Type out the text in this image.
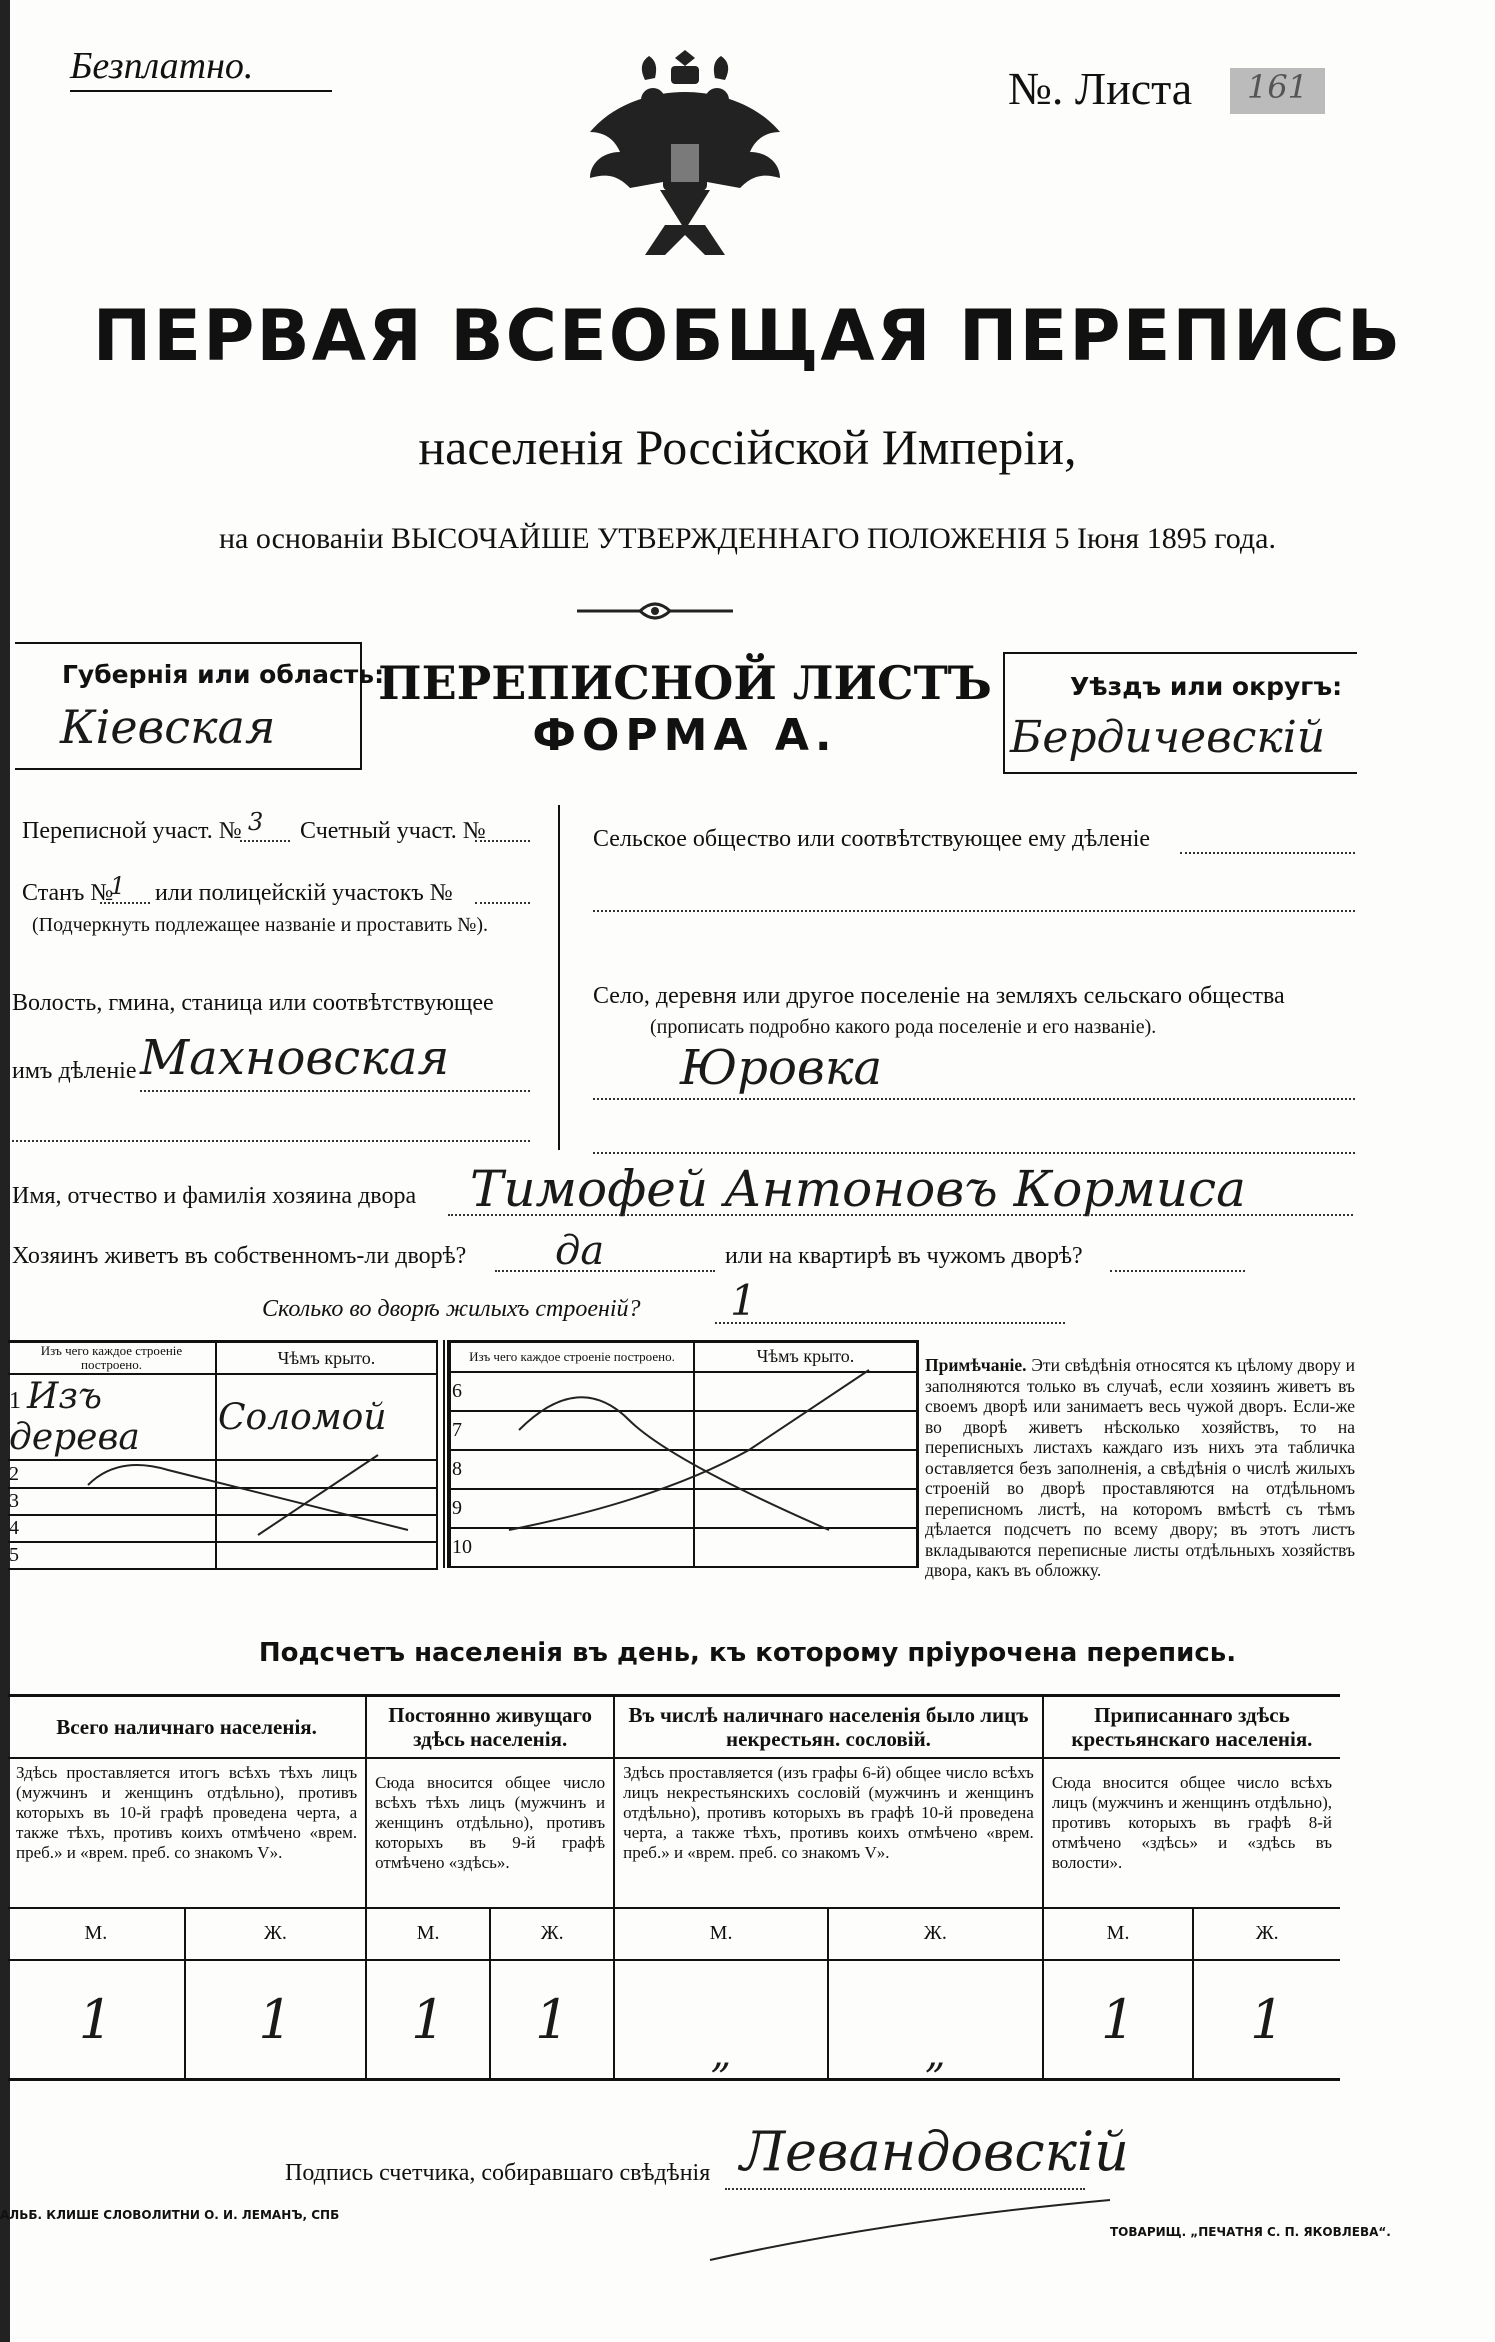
Безплатно.	№. Листа	161
ПЕРВАЯ ВСЕОБЩАЯ ПЕРЕПИСЬ
населенія Россійской Имперіи,
на основаніи ВЫСОЧАЙШЕ УТВЕРЖДЕННАГО ПОЛОЖЕНІЯ 5 Іюня 1895 года.
Губернія или область:
Кіевская
ПЕРЕПИСНОЙ ЛИСТЪ
ФОРМА А.
Уѣздъ или округъ:
Бердичевскій
Переписной участ. № 3 Счетный участ. №
Станъ №
1 или полицейскій участокъ №
(Подчеркнуть подлежащее названіе и проставить №).
Волость, гмина, станица или соотвѣтствующее
имъ дѣленіе Махновская
Сельское общество или соотвѣтствующее ему дѣленіе
Село, деревня или другое поселеніе на земляхъ сельскаго общества
(прописать подробно какого рода поселеніе и его названіе).
Юровка
Имя, отчество и фамилія хозяина двора Тимофей Антоновъ Кормиса
Хозяинъ живетъ въ собственномъ-ли дворѣ? да	или на квартирѣ въ чужомъ дворѣ?
Сколько во дворѣ жилыхъ строеній? 1
Изъ чего каждое строеніе построено.	Чѣмъ крыто.
1 Изъ дерева	Соломой
2	
3	
4	
5	
Изъ чего каждое строеніе построено.	Чѣмъ крыто.
6	
7	
8	
9	
10	
Примѣчаніе. Эти свѣдѣнія относятся къ цѣлому двору и заполняются только въ случаѣ, если хозяинъ живетъ въ своемъ дворѣ или занимаетъ весь чужой дворъ. Если-же во дворѣ живетъ нѣсколько хозяйствъ, то на переписныхъ листахъ каждаго изъ нихъ эта табличка оставляется безъ заполненія, а свѣдѣнія о числѣ жилыхъ строеній во дворѣ проставляются на отдѣльномъ переписномъ листѣ, на которомъ вмѣстѣ съ тѣмъ дѣлается подсчетъ по всему двору; въ этотъ листъ вкладываются переписные листы отдѣльныхъ хозяйствъ двора, какъ въ обложку.
Подсчетъ населенія въ день, къ которому пріурочена перепись.
Всего наличнаго населенія.		Постоянно живущаго здѣсь населенія.		Въ числѣ наличнаго населенія было лицъ некрестьян. сословій.		Приписаннаго здѣсь крестьянскаго населенія.	
Здѣсь проставляется итогъ всѣхъ тѣхъ лицъ (мужчинъ и женщинъ отдѣльно), противъ которыхъ въ 10-й графѣ проведена черта, а также тѣхъ, противъ коихъ отмѣчено «врем. преб.» и «врем. преб. со знакомъ V».		Сюда вносится общее число всѣхъ тѣхъ лицъ (мужчинъ и женщинъ отдѣльно), противъ которыхъ въ 9-й графѣ отмѣчено «здѣсь».		Здѣсь проставляется (изъ графы 6-й) общее число всѣхъ лицъ некрестьянскихъ сословій (мужчинъ и женщинъ отдѣльно), противъ которыхъ въ графѣ 10-й проведена черта, а также тѣхъ, противъ коихъ отмѣчено «врем. преб.» и «врем. преб. со знакомъ V».		Сюда вносится общее число всѣхъ лицъ (мужчинъ и женщинъ отдѣльно), противъ которыхъ въ графѣ 8-й отмѣчено «здѣсь» и «здѣсь въ волости».	
М.	Ж.	М.	Ж.	М.	Ж.	М.	Ж.
1	1	1	1	„	„	1	1
Подпись счетчика, собиравшаго свѣдѣнія Левандовскій
АЛЬБ. КЛИШЕ СЛОВОЛИТНИ О. И. ЛЕМАНЪ, СПБ
ТОВАРИЩ. „ПЕЧАТНЯ С. П. ЯКОВЛЕВА“.
